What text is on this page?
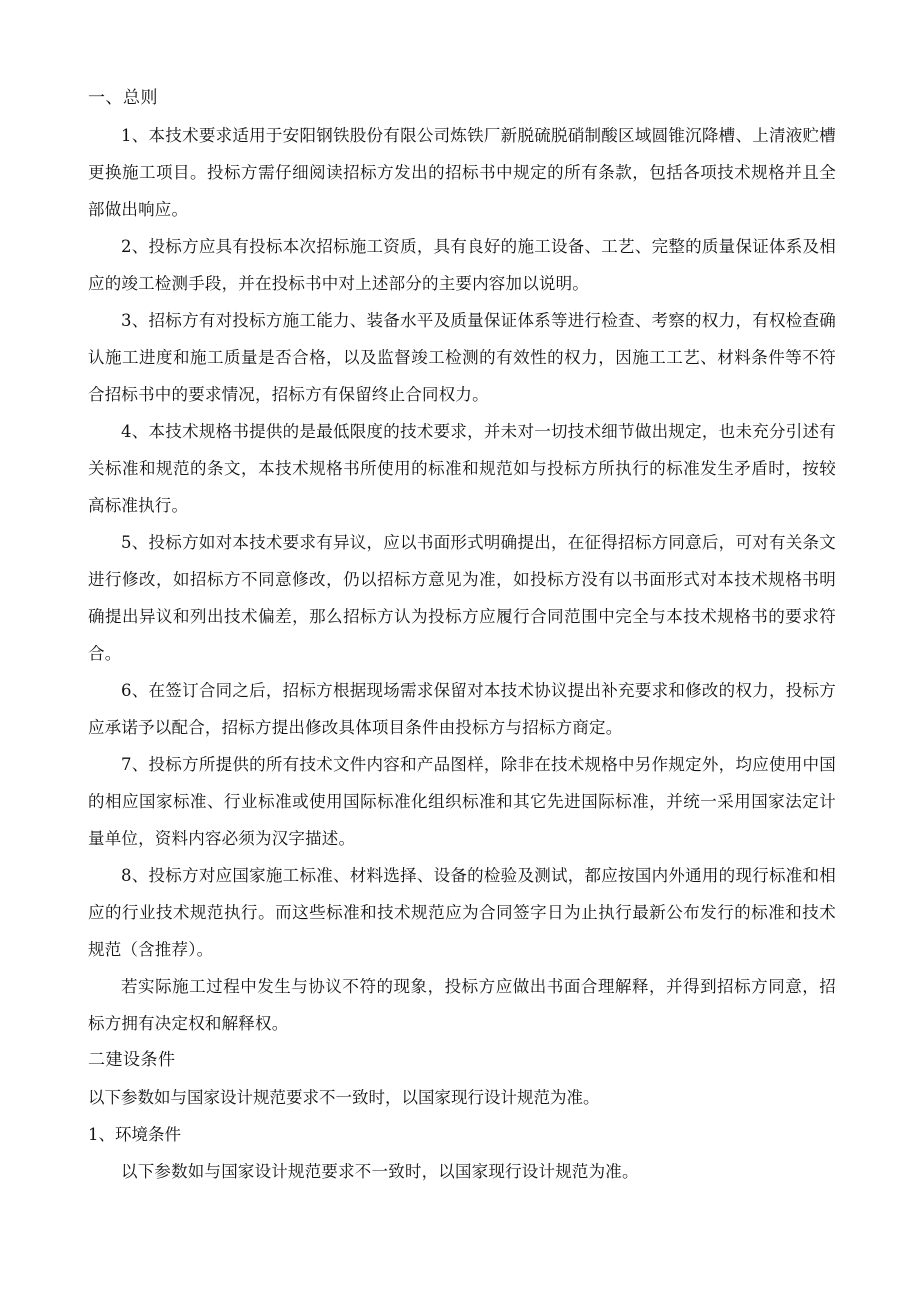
一、总则

1、本技术要求适用于安阳钢铁股份有限公司炼铁厂新脱硫脱硝制酸区域圆锥沉降槽、上清液贮槽更换施工项目。投标方需仔细阅读招标方发出的招标书中规定的所有条款，包括各项技术规格并且全部做出响应。

2、投标方应具有投标本次招标施工资质，具有良好的施工设备、工艺、完整的质量保证体系及相应的竣工检测手段，并在投标书中对上述部分的主要内容加以说明。

3、招标方有对投标方施工能力、装备水平及质量保证体系等进行检查、考察的权力，有权检查确认施工进度和施工质量是否合格，以及监督竣工检测的有效性的权力，因施工工艺、材料条件等不符合招标书中的要求情况，招标方有保留终止合同权力。

4、本技术规格书提供的是最低限度的技术要求，并未对一切技术细节做出规定，也未充分引述有关标准和规范的条文，本技术规格书所使用的标准和规范如与投标方所执行的标准发生矛盾时，按较高标准执行。

5、投标方如对本技术要求有异议，应以书面形式明确提出，在征得招标方同意后，可对有关条文进行修改，如招标方不同意修改，仍以招标方意见为准，如投标方没有以书面形式对本技术规格书明确提出异议和列出技术偏差，那么招标方认为投标方应履行合同范围中完全与本技术规格书的要求符合。

6、在签订合同之后，招标方根据现场需求保留对本技术协议提出补充要求和修改的权力，投标方应承诺予以配合，招标方提出修改具体项目条件由投标方与招标方商定。

7、投标方所提供的所有技术文件内容和产品图样，除非在技术规格中另作规定外，均应使用中国的相应国家标准、行业标准或使用国际标准化组织标准和其它先进国际标准，并统一采用国家法定计量单位，资料内容必须为汉字描述。

8、投标方对应国家施工标准、材料选择、设备的检验及测试，都应按国内外通用的现行标准和相应的行业技术规范执行。而这些标准和技术规范应为合同签字日为止执行最新公布发行的标准和技术规范（含推荐）。

若实际施工过程中发生与协议不符的现象，投标方应做出书面合理解释，并得到招标方同意，招标方拥有决定权和解释权。

二建设条件

以下参数如与国家设计规范要求不一致时，以国家现行设计规范为准。

1、环境条件

以下参数如与国家设计规范要求不一致时，以国家现行设计规范为准。
